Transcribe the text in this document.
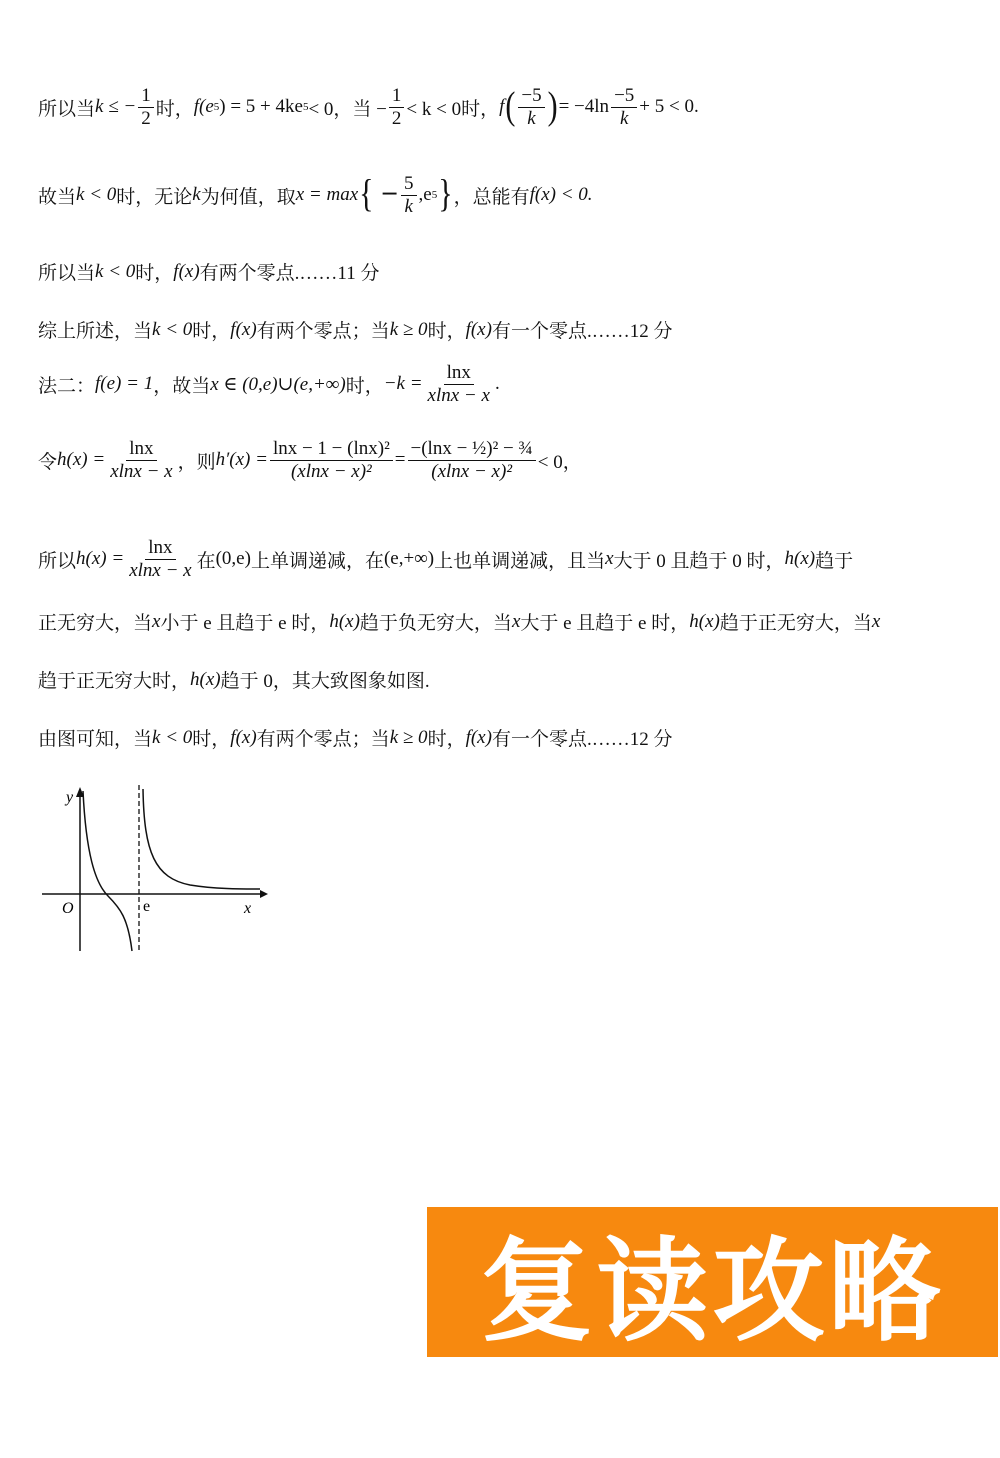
所以当 k ≤ − $\frac{1}{2}$ 时， f(e 5 ) = 5 + 4ke 5 < 0，当 − $\frac{1}{2} < k < 0$时， f ( $\frac{-5}{k}$ ) = $-4\ln \frac{-5}{k} + 5 < 0$.
故当 k < 0 时，无论 k 为何值，取 x = max { − $\frac{5}{k} ,e$ 5 } ，总能有 f(x) < 0.
所以当 k < 0 时， f(x) 有两个零点.……11 分
综上所述，当 k < 0 时， f(x) 有两个零点；当 k ≥ 0 时， f(x) 有一个零点.……12 分
法二： f(e) = 1 ，故当 x ∈ (0,e)∪(e,+∞) 时， $-k = \frac{\ln x}{xlnx - x}$ .
令 $h(x) = \frac{\ln x}{xlnx - x}$ ，则 $h'(x) = \frac{\text{lnx − 1 − (lnx)²}}{\text{(xlnx − x)²}} = \frac{\text{−(lnx − ½)² − ¾}}{\text{(xlnx − x)²}} < 0$，
所以 $h(x) = \frac{\ln x}{xlnx - x}$ 在 (0,e) 上单调递减，在 (e,+∞) 上也单调递减，且当 x 大于 0 且趋于 0 时， h(x) 趋于
正无穷大，当 x 小于 e 且趋于 e 时， h(x) 趋于负无穷大，当 x 大于 e 且趋于 e 时， h(x) 趋于正无穷大，当 x
趋于正无穷大时， h(x) 趋于 0，其大致图象如图.
由图可知，当 k < 0 时， f(x) 有两个零点；当 k ≥ 0 时， f(x) 有一个零点.……12 分
y
O	e	x
复读攻略
